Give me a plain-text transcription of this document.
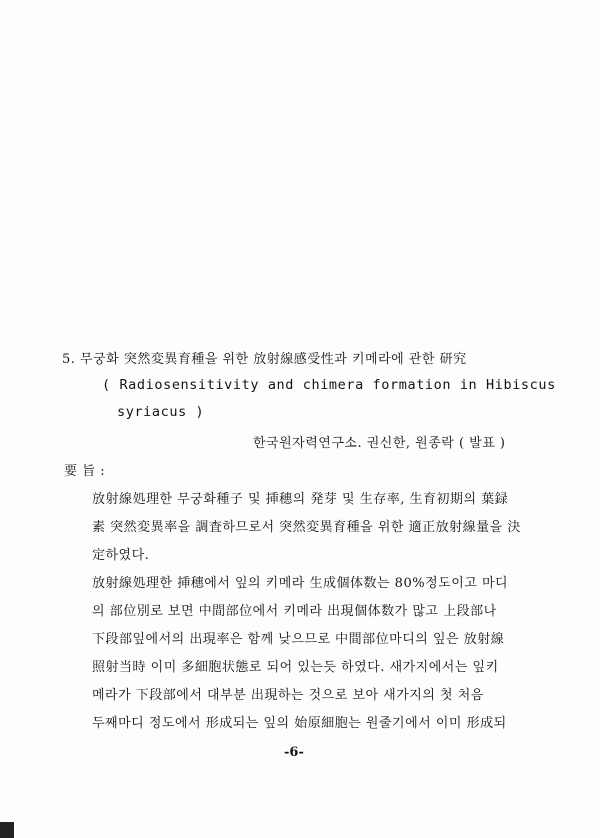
5. 무궁화 突然変異育種을 위한 放射線感受性과 키메라에 관한 研究
( Radiosensitivity and chimera formation in Hibiscus
syriacus )
한국원자력연구소. 권신한, 원종락 ( 발표 )
要 旨 :
放射線処理한 무궁화種子 및 挿穗의 発芽 및 生存率, 生育初期의 葉録
素 突然変異率을 調査하므로서 突然変異育種을 위한 適正放射線量을 決
定하였다.
放射線処理한 挿穗에서 잎의 키메라 生成個体数는 80%정도이고 마디
의 部位別로 보면 中間部位에서 키메라 出現個体数가 많고 上段部나
下段部잎에서의 出現率은 함께 낮으므로 中間部位마디의 잎은 放射線
照射当時 이미 多細胞状態로 되어 있는듯 하였다. 새가지에서는 잎키
메라가 下段部에서 대부분 出現하는 것으로 보아 새가지의 첫 처음
두째마디 정도에서 形成되는 잎의 始原細胞는 원줄기에서 이미 形成되
-6-
